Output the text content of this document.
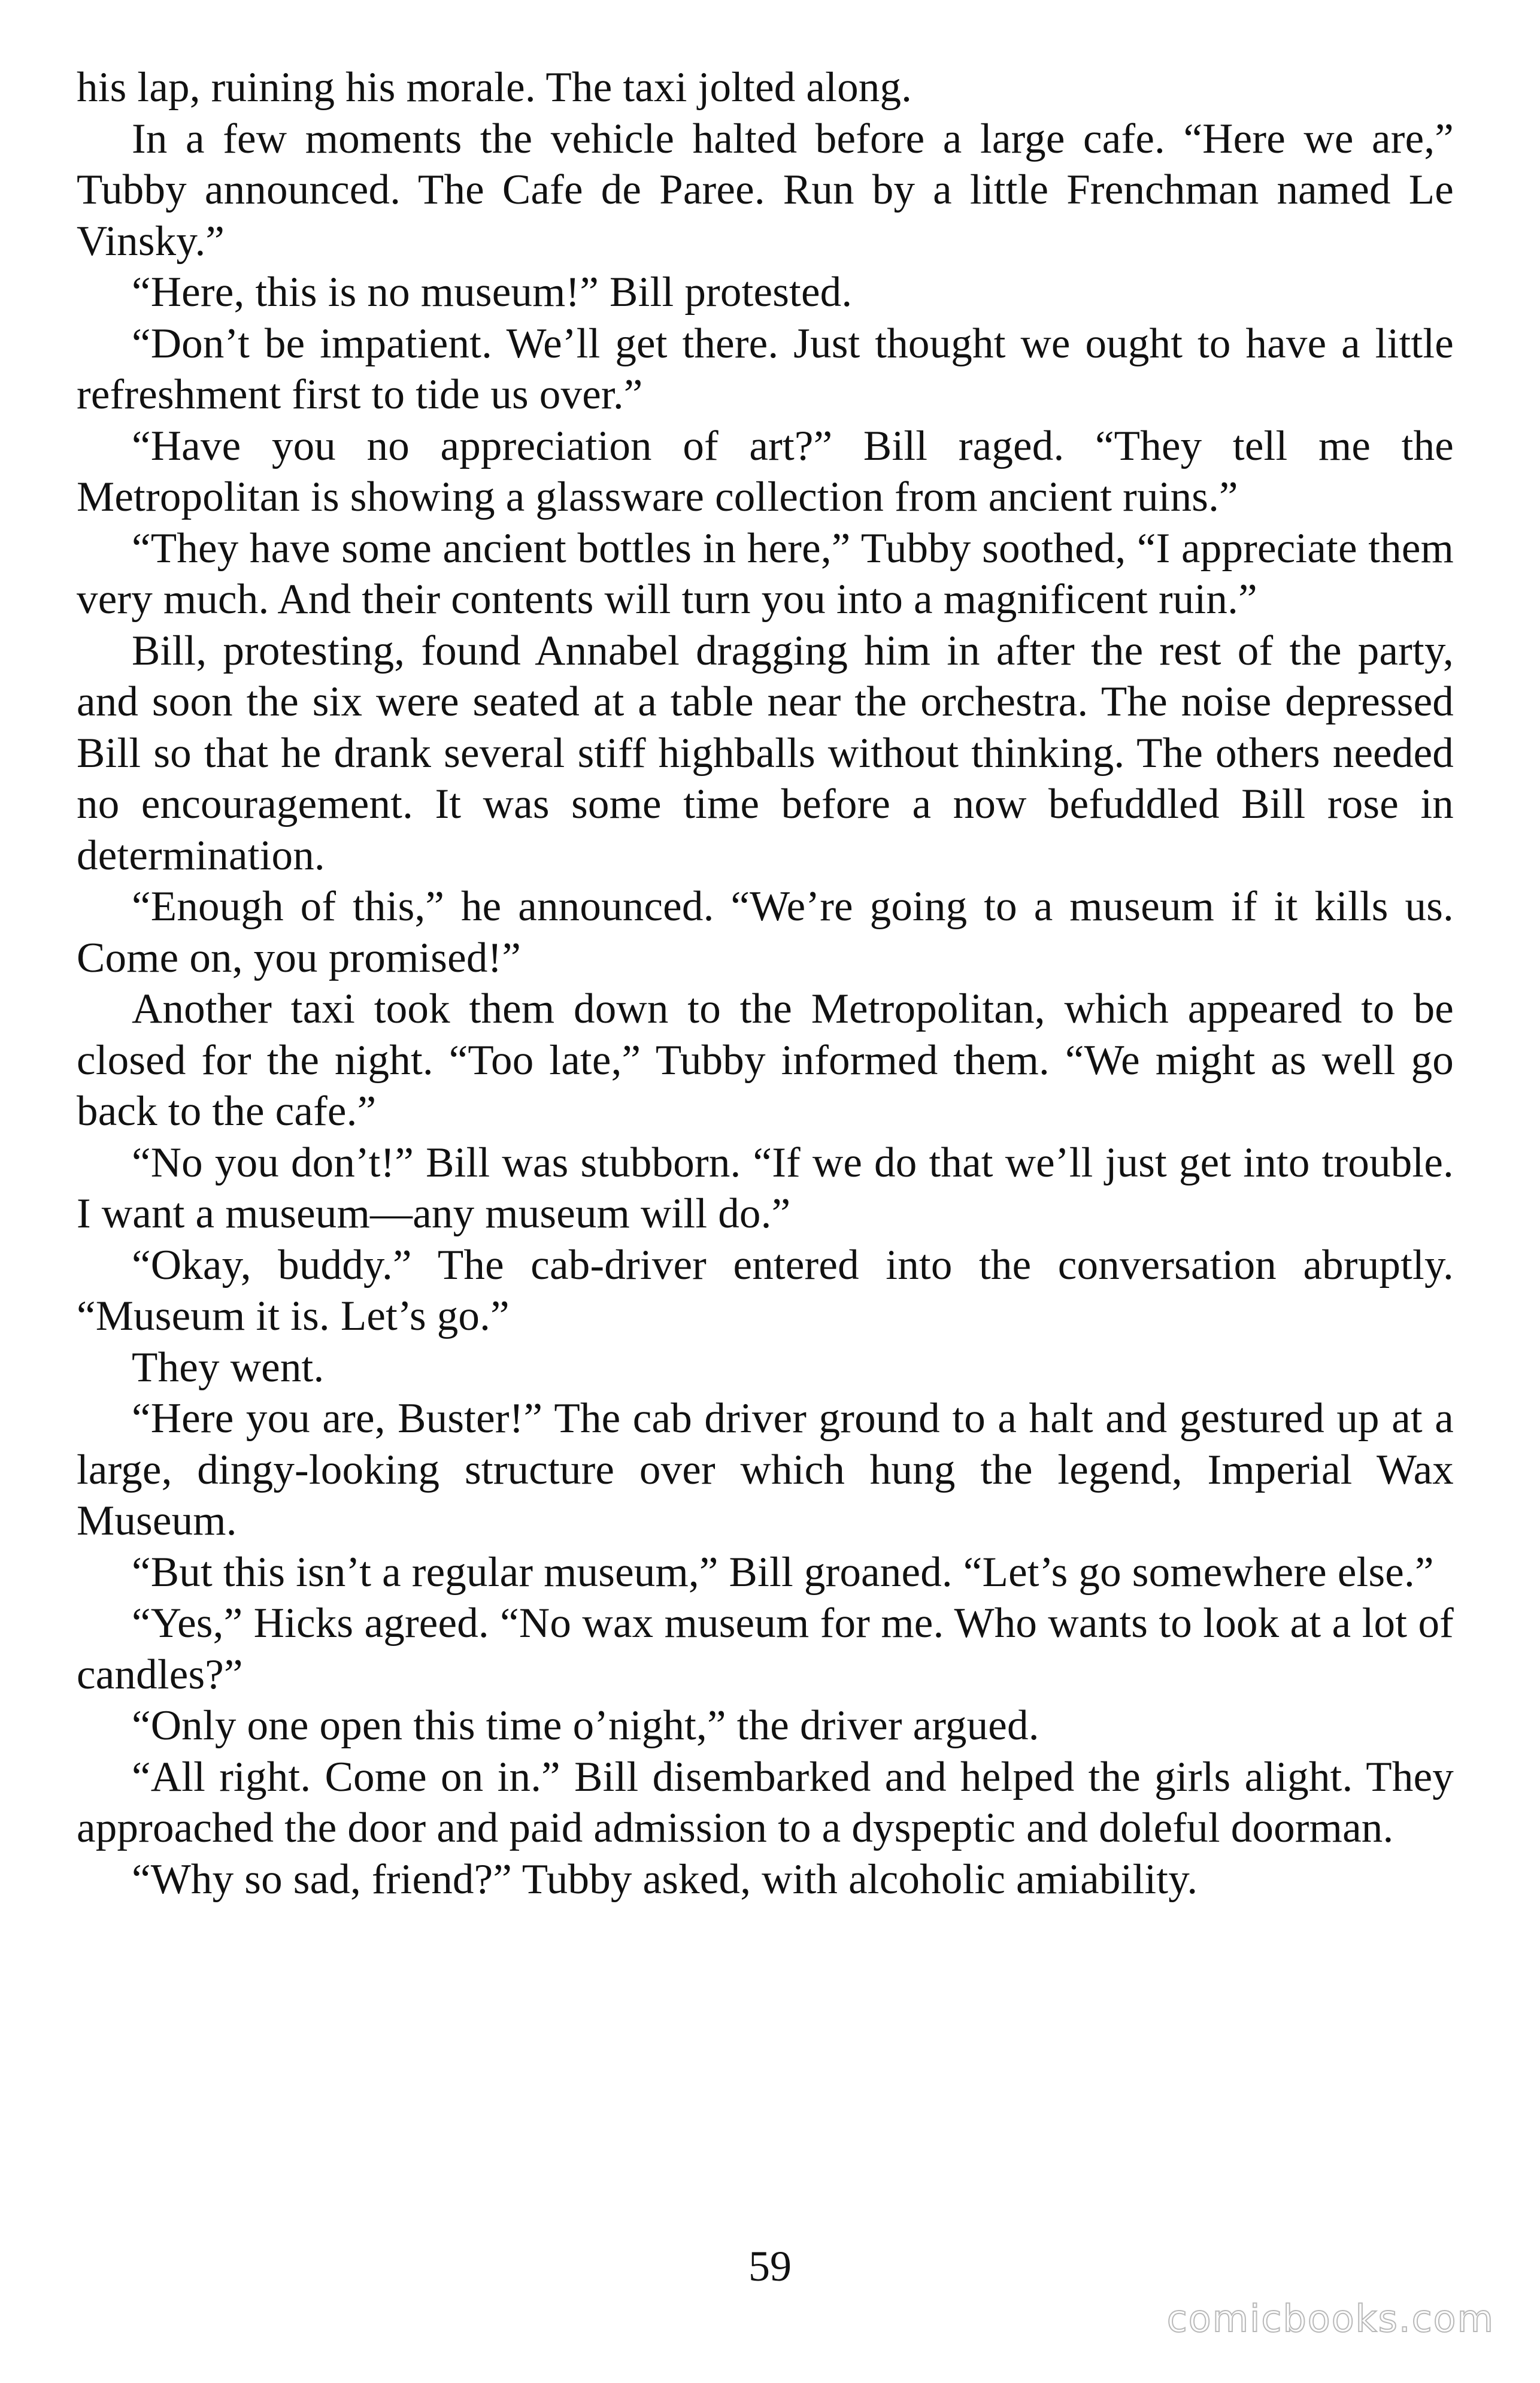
his lap, ruining his morale. The taxi jolted along.

In a few moments the vehicle halted before a large cafe. “Here we are,” Tubby announced. The Cafe de Paree. Run by a little Frenchman named Le Vinsky.”

“Here, this is no museum!” Bill protested.

“Don’t be impatient. We’ll get there. Just thought we ought to have a little refreshment first to tide us over.”

“Have you no appreciation of art?” Bill raged. “They tell me the Metropolitan is showing a glassware collection from ancient ruins.”

“They have some ancient bottles in here,” Tubby soothed, “I appreciate them very much. And their contents will turn you into a magnificent ruin.”

Bill, protesting, found Annabel dragging him in after the rest of the party, and soon the six were seated at a table near the orchestra. The noise depressed Bill so that he drank several stiff highballs without thinking. The others needed no encouragement. It was some time before a now befuddled Bill rose in determination.

“Enough of this,” he announced. “We’re going to a museum if it kills us. Come on, you promised!”

Another taxi took them down to the Metropolitan, which appeared to be closed for the night. “Too late,” Tubby informed them. “We might as well go back to the cafe.”

“No you don’t!” Bill was stubborn. “If we do that we’ll just get into trouble. I want a museum—any museum will do.”

“Okay, buddy.” The cab-driver entered into the conversation abruptly. “Museum it is. Let’s go.”

They went.

“Here you are, Buster!” The cab driver ground to a halt and gestured up at a large, dingy-looking structure over which hung the legend, Imperial Wax Museum.

“But this isn’t a regular museum,” Bill groaned. “Let’s go somewhere else.”

“Yes,” Hicks agreed. “No wax museum for me. Who wants to look at a lot of candles?”

“Only one open this time o’night,” the driver argued.

“All right. Come on in.” Bill disembarked and helped the girls alight. They approached the door and paid admission to a dyspeptic and doleful doorman.

“Why so sad, friend?” Tubby asked, with alcoholic amiability.

59

comicbooks.com
